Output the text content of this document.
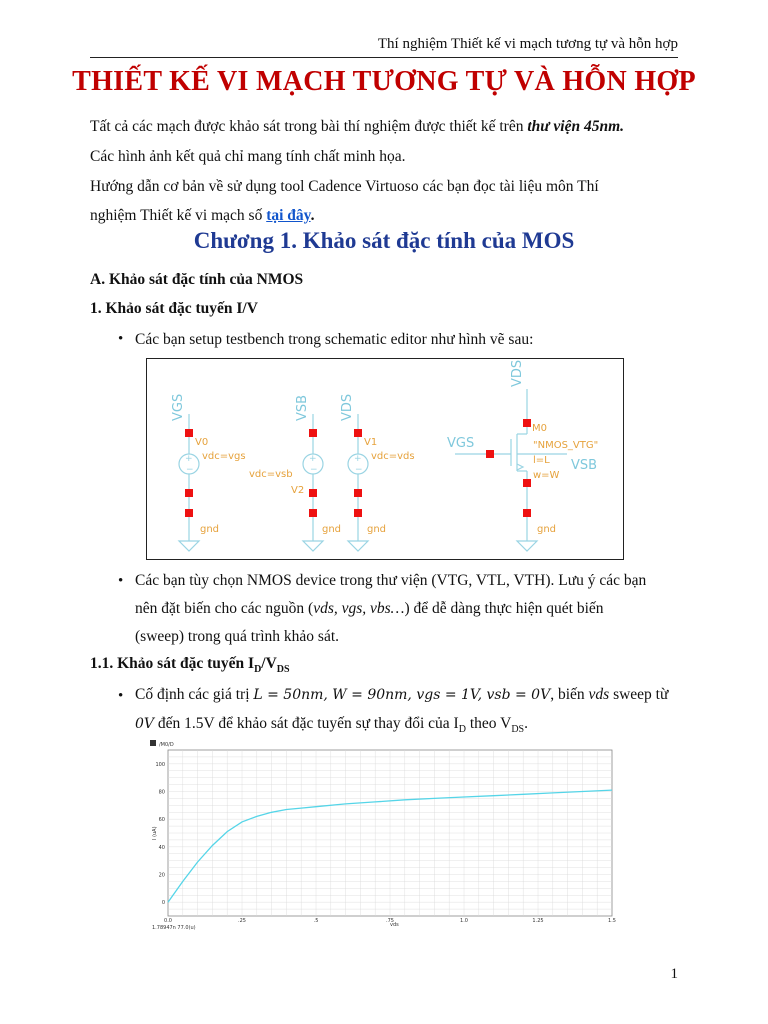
Thí nghiệm Thiết kế vi mạch tương tự và hỗn hợp
THIẾT KẾ VI MẠCH TƯƠNG TỰ VÀ HỖN HỢP
Tất cả các mạch được khảo sát trong bài thí nghiệm được thiết kế trên thư viện 45nm.
Các hình ảnh kết quả chỉ mang tính chất minh họa.
Hướng dẫn cơ bản về sử dụng tool Cadence Virtuoso các bạn đọc tài liệu môn Thí
nghiệm Thiết kế vi mạch số tại đây.
Chương 1. Khảo sát đặc tính của MOS
A. Khảo sát đặc tính của NMOS
1. Khảo sát đặc tuyến I/V
• Các bạn setup testbench trong schematic editor như hình vẽ sau:
+
−
+
−
+
−
VGS	VSB VDS
VDS
VGS
VSB
V0
vdc=vgs
vdc=vsb
V2
V1
vdc=vds
M0
"NMOS_VTG"
l=L
w=W
gnd	gnd	gnd	gnd
• Các bạn tùy chọn NMOS device trong thư viện (VTG, VTL, VTH). Lưu ý các bạn
nên đặt biến cho các nguồn (vds, vgs, vbs…) để dễ dàng thực hiện quét biến
(sweep) trong quá trình khảo sát.
1.1. Khảo sát đặc tuyến $I_D/V_{DS}$
• Cố định các giá trị L = 50nm, W = 90nm, vgs = 1V, vsb = 0V, biến vds sweep từ
0V đến 1.5V để khảo sát đặc tuyến sự thay đổi của $I_D$ theo $V_{DS}$.
/M0/D
I (uA)
vds
1.78947n 77.0(u)
0.0	.25	.5	.75	1.0	1.25	1.5
0
20
40
60
80
100
1
